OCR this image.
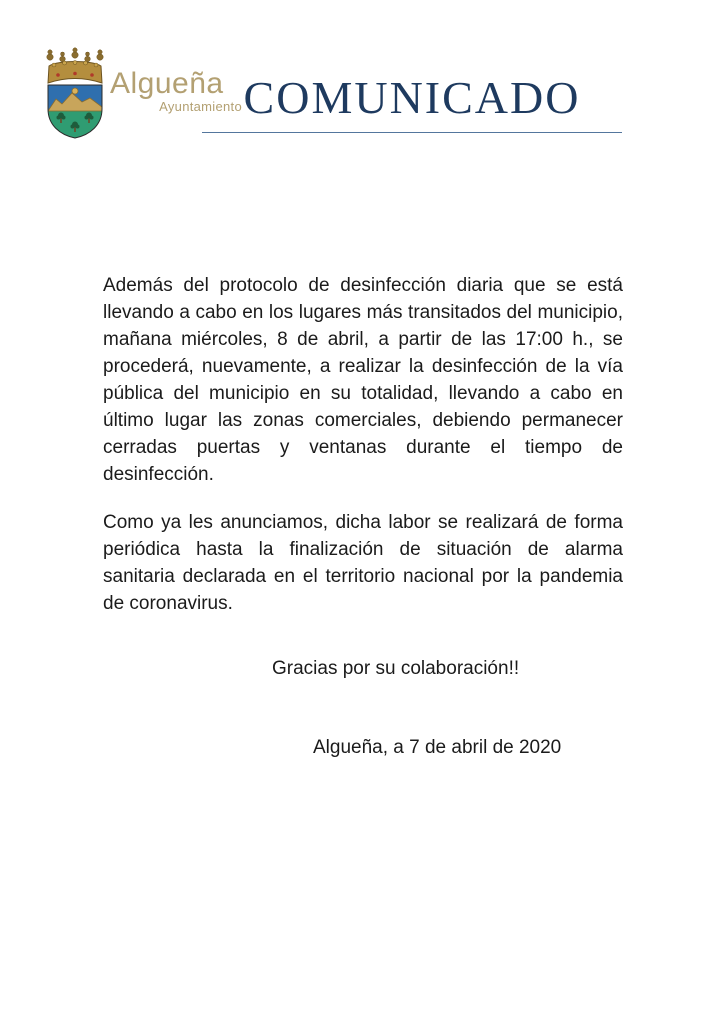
Algueña
Ayuntamiento COMUNICADO

Además del protocolo de desinfección diaria que se está llevando a cabo en los lugares más transitados del municipio, mañana miércoles, 8 de abril, a partir de las 17:00 h., se procederá, nuevamente, a realizar la desinfección de la vía pública del municipio en su totalidad, llevando a cabo en último lugar las zonas comerciales, debiendo permanecer cerradas puertas y ventanas durante el tiempo de desinfección.

Como ya les anunciamos, dicha labor se realizará de forma periódica hasta la finalización de situación de alarma sanitaria declarada en el territorio nacional por la pandemia de coronavirus.

Gracias por su colaboración!!

Algueña, a 7 de abril de 2020
